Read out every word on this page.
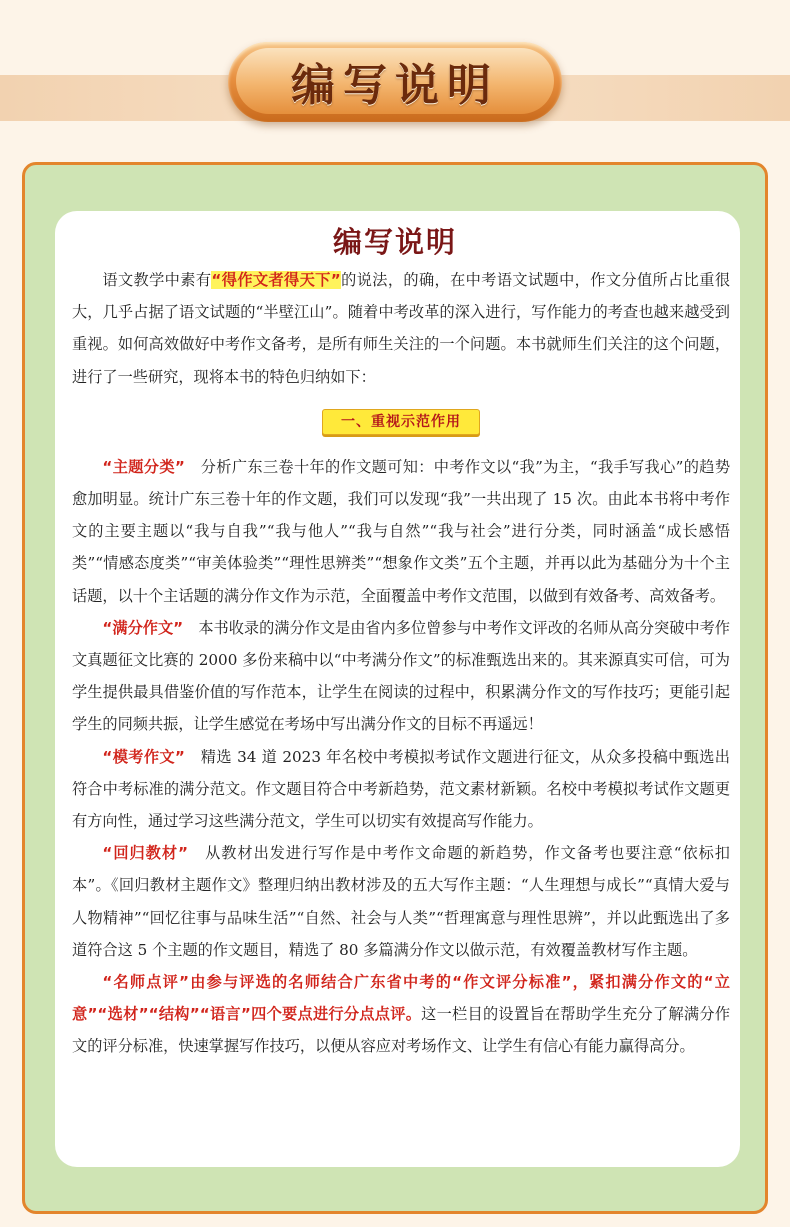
编写说明
编写说明

语文教学中素有“得作文者得天下”的说法，的确，在中考语文试题中，作文分值所占比重很大，几乎占据了语文试题的“半壁江山”。随着中考改革的深入进行，写作能力的考查也越来越受到重视。如何高效做好中考作文备考，是所有师生关注的一个问题。本书就师生们关注的这个问题，进行了一些研究，现将本书的特色归纳如下：

一、重视示范作用

“主题分类”　分析广东三卷十年的作文题可知：中考作文以“我”为主，“我手写我心”的趋势愈加明显。统计广东三卷十年的作文题，我们可以发现“我”一共出现了 15 次。由此本书将中考作文的主要主题以“我与自我”“我与他人”“我与自然”“我与社会”进行分类，同时涵盖“成长感悟类”“情感态度类”“审美体验类”“理性思辨类”“想象作文类”五个主题，并再以此为基础分为十个主话题，以十个主话题的满分作文作为示范，全面覆盖中考作文范围，以做到有效备考、高效备考。

“满分作文”　本书收录的满分作文是由省内多位曾参与中考作文评改的名师从高分突破中考作文真题征文比赛的 2000 多份来稿中以“中考满分作文”的标准甄选出来的。其来源真实可信，可为学生提供最具借鉴价值的写作范本，让学生在阅读的过程中，积累满分作文的写作技巧；更能引起学生的同频共振，让学生感觉在考场中写出满分作文的目标不再遥远！

“模考作文”　精选 34 道 2023 年名校中考模拟考试作文题进行征文，从众多投稿中甄选出符合中考标准的满分范文。作文题目符合中考新趋势，范文素材新颖。名校中考模拟考试作文题更有方向性，通过学习这些满分范文，学生可以切实有效提高写作能力。

“回归教材”　从教材出发进行写作是中考作文命题的新趋势，作文备考也要注意“依标扣本”。《回归教材主题作文》整理归纳出教材涉及的五大写作主题：“人生理想与成长”“真情大爱与人物精神”“回忆往事与品味生活”“自然、社会与人类”“哲理寓意与理性思辨”，并以此甄选出了多道符合这 5 个主题的作文题目，精选了 80 多篇满分作文以做示范，有效覆盖教材写作主题。

“名师点评”由参与评选的名师结合广东省中考的“作文评分标准”，紧扣满分作文的“立意”“选材”“结构”“语言”四个要点进行分点点评。这一栏目的设置旨在帮助学生充分了解满分作文的评分标准，快速掌握写作技巧，以便从容应对考场作文、让学生有信心有能力赢得高分。
